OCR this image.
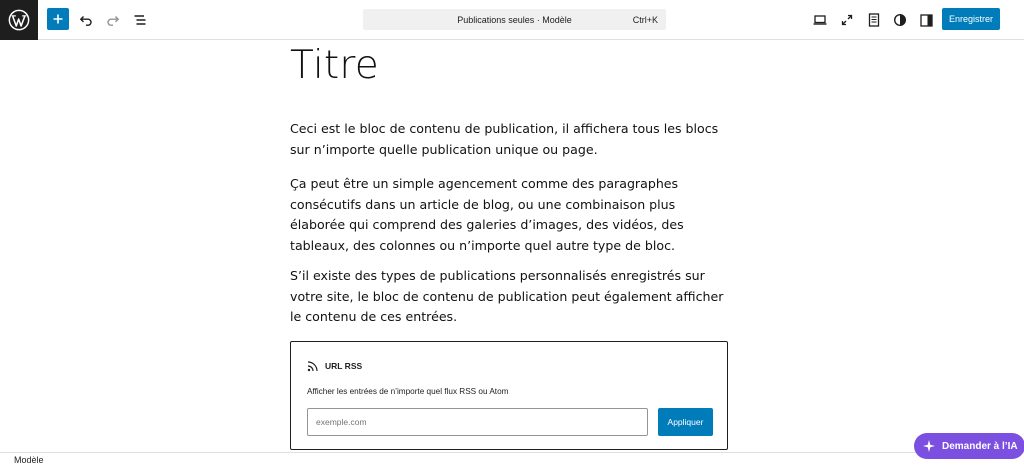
Publications seules · Modèle	Ctrl+K	Enregistrer
Titre

Ceci est le bloc de contenu de publication, il affichera tous les blocs sur n’importe quelle publication unique ou page.

Ça peut être un simple agencement comme des paragraphes consécutifs dans un article de blog, ou une combinaison plus élaborée qui comprend des galeries d’images, des vidéos, des tableaux, des colonnes ou n’importe quel autre type de bloc.

S’il existe des types de publications personnalisés enregistrés sur votre site, le bloc de contenu de publication peut également afficher le contenu de ces entrées.

URL RSS
Afficher les entrées de n’importe quel flux RSS ou Atom
exemple.com
Appliquer
Modèle
Demander à l’IA
